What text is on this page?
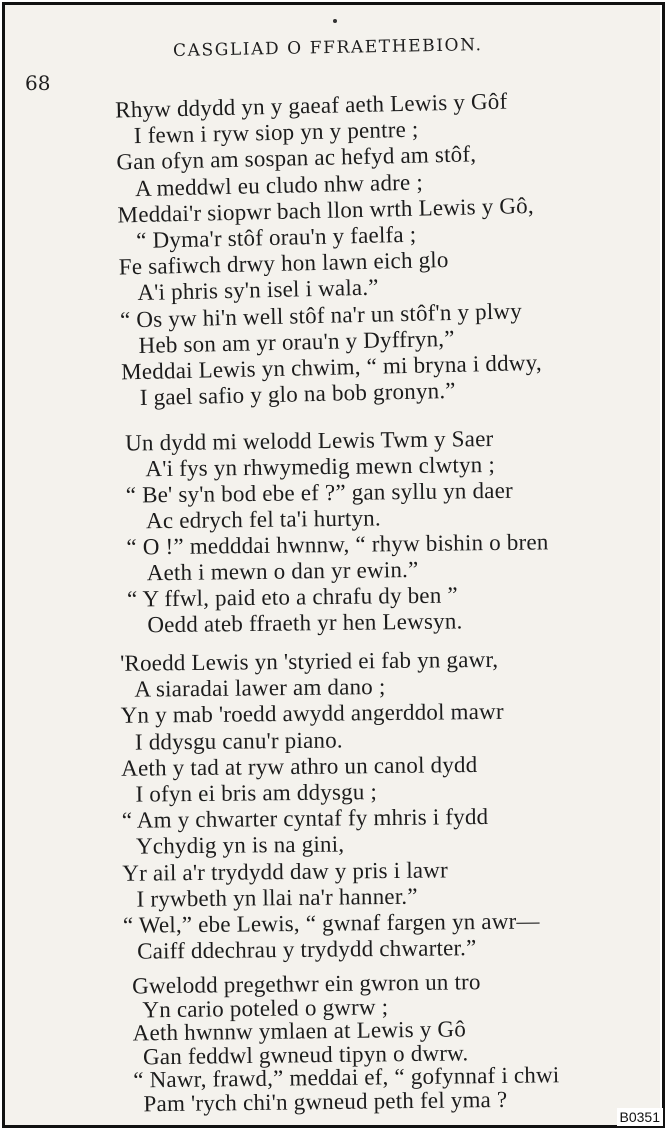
68
CASGLIAD O FFRAETHEBION.
Rhyw ddydd yn y gaeaf aeth Lewis y Gôf
I fewn i ryw siop yn y pentre ;
Gan ofyn am sospan ac hefyd am stôf,
A meddwl eu cludo nhw adre ;
Meddai'r siopwr bach llon wrth Lewis y Gô,
“ Dyma'r stôf orau'n y faelfa ;
Fe safiwch drwy hon lawn eich glo
A'i phris sy'n isel i wala.”
“ Os yw hi'n well stôf na'r un stôf'n y plwy
Heb son am yr orau'n y Dyffryn,”
Meddai Lewis yn chwim, “ mi bryna i ddwy,
I gael safio y glo na bob gronyn.”
Un dydd mi welodd Lewis Twm y Saer
A'i fys yn rhwymedig mewn clwtyn ;
“ Be' sy'n bod ebe ef ?” gan syllu yn daer
Ac edrych fel ta'i hurtyn.
“ O !” medddai hwnnw, “ rhyw bishin o bren
Aeth i mewn o dan yr ewin.”
“ Y ffwl, paid eto a chrafu dy ben ”
Oedd ateb ffraeth yr hen Lewsyn.
'Roedd Lewis yn 'styried ei fab yn gawr,
A siaradai lawer am dano ;
Yn y mab 'roedd awydd angerddol mawr
I ddysgu canu'r piano.
Aeth y tad at ryw athro un canol dydd
I ofyn ei bris am ddysgu ;
“ Am y chwarter cyntaf fy mhris i fydd
Ychydig yn is na gini,
Yr ail a'r trydydd daw y pris i lawr
I rywbeth yn llai na'r hanner.”
“ Wel,” ebe Lewis, “ gwnaf fargen yn awr—
Caiff ddechrau y trydydd chwarter.”
Gwelodd pregethwr ein gwron un tro
Yn cario poteled o gwrw ;
Aeth hwnnw ymlaen at Lewis y Gô
Gan feddwl gwneud tipyn o dwrw.
“ Nawr, frawd,” meddai ef, “ gofynnaf i chwi
Pam 'rych chi'n gwneud peth fel yma ?
B0351
